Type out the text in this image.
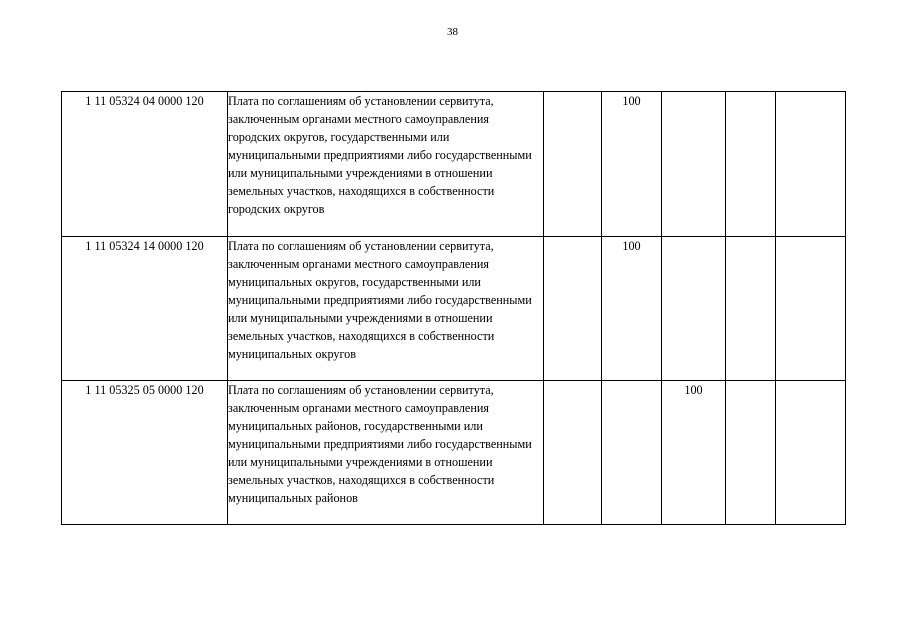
38
1 11 05324 04 0000 120	Плата по соглашениям об установлении сервитута, заключенным органами местного самоуправления городских округов, государственными или муниципальными предприятиями либо государственными или муниципальными учреждениями в отношении земельных участков, находящихся в собственности городских округов		100			
1 11 05324 14 0000 120	Плата по соглашениям об установлении сервитута, заключенным органами местного самоуправления муниципальных округов, государственными или муниципальными предприятиями либо государственными или муниципальными учреждениями в отношении земельных участков, находящихся в собственности муниципальных округов		100			
1 11 05325 05 0000 120	Плата по соглашениям об установлении сервитута, заключенным органами местного самоуправления муниципальных районов, государственными или муниципальными предприятиями либо государственными или муниципальными учреждениями в отношении земельных участков, находящихся в собственности муниципальных районов			100		
